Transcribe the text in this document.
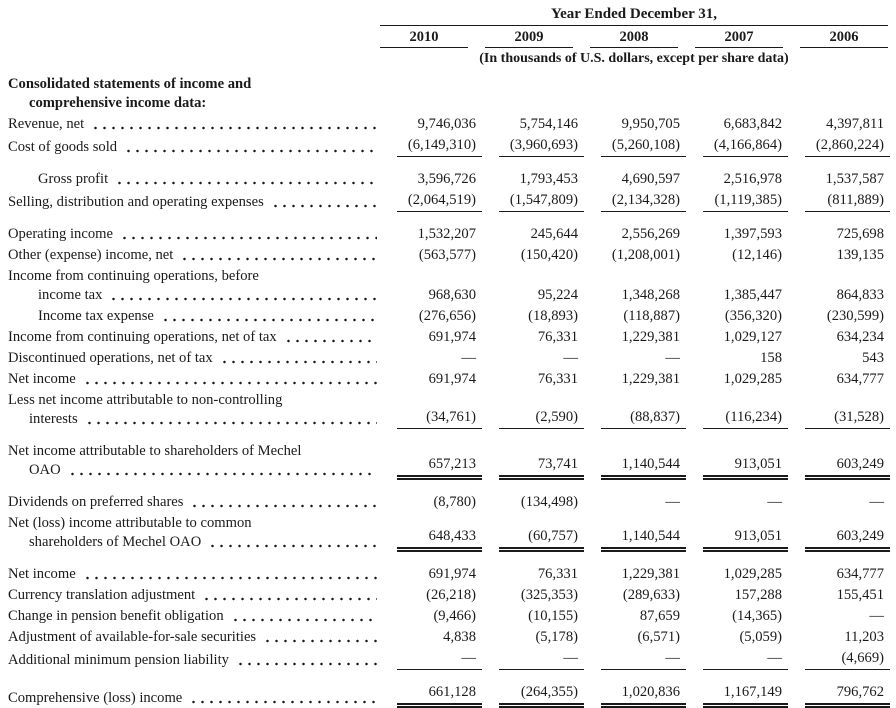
Year Ended December 31,
2010	2009	2008	2007	2006
(In thousands of U.S. dollars, except per share data)
Consolidated statements of income and
comprehensive income data:
Revenue, net	9,746,036	5,754,146	9,950,705	6,683,842	4,397,811
Cost of goods sold	(6,149,310)	(3,960,693)	(5,260,108)	(4,166,864)	(2,860,224)
Gross profit	3,596,726	1,793,453	4,690,597	2,516,978	1,537,587
Selling, distribution and operating expenses	(2,064,519)	(1,547,809)	(2,134,328)	(1,119,385)	(811,889)
Operating income	1,532,207	245,644	2,556,269	1,397,593	725,698
Other (expense) income, net	(563,577)	(150,420)	(1,208,001)	(12,146)	139,135
Income from continuing operations, before
income tax	968,630	95,224	1,348,268	1,385,447	864,833
Income tax expense	(276,656)	(18,893)	(118,887)	(356,320)	(230,599)
Income from continuing operations, net of tax	691,974	76,331	1,229,381	1,029,127	634,234
Discontinued operations, net of tax	—	—	—	158	543
Net income	691,974	76,331	1,229,381	1,029,285	634,777
Less net income attributable to non-controlling
interests	(34,761)	(2,590)	(88,837)	(116,234)	(31,528)
Net income attributable to shareholders of Mechel
OAO	657,213	73,741	1,140,544	913,051	603,249
Dividends on preferred shares	(8,780)	(134,498)	—	—	—
Net (loss) income attributable to common
shareholders of Mechel OAO	648,433	(60,757)	1,140,544	913,051	603,249
Net income	691,974	76,331	1,229,381	1,029,285	634,777
Currency translation adjustment	(26,218)	(325,353)	(289,633)	157,288	155,451
Change in pension benefit obligation	(9,466)	(10,155)	87,659	(14,365)	—
Adjustment of available-for-sale securities	4,838	(5,178)	(6,571)	(5,059)	11,203
Additional minimum pension liability	—	—	—	—	(4,669)
Comprehensive (loss) income	661,128	(264,355)	1,020,836	1,167,149	796,762
